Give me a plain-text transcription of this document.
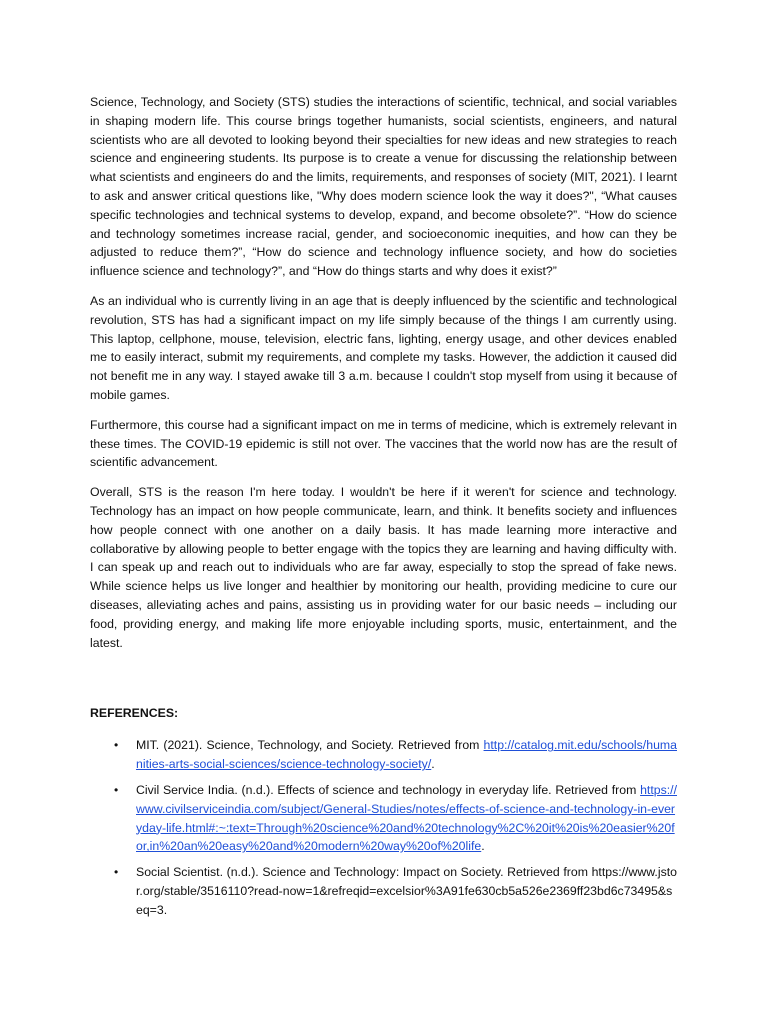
Science, Technology, and Society (STS) studies the interactions of scientific, technical, and social variables in shaping modern life. This course brings together humanists, social scientists, engineers, and natural scientists who are all devoted to looking beyond their specialties for new ideas and new strategies to reach science and engineering students. Its purpose is to create a venue for discussing the relationship between what scientists and engineers do and the limits, requirements, and responses of society (MIT, 2021). I learnt to ask and answer critical questions like, "Why does modern science look the way it does?", “What causes specific technologies and technical systems to develop, expand, and become obsolete?”. “How do science and technology sometimes increase racial, gender, and socioeconomic inequities, and how can they be adjusted to reduce them?”, “How do science and technology influence society, and how do societies influence science and technology?”, and “How do things starts and why does it exist?”

As an individual who is currently living in an age that is deeply influenced by the scientific and technological revolution, STS has had a significant impact on my life simply because of the things I am currently using. This laptop, cellphone, mouse, television, electric fans, lighting, energy usage, and other devices enabled me to easily interact, submit my requirements, and complete my tasks. However, the addiction it caused did not benefit me in any way. I stayed awake till 3 a.m. because I couldn't stop myself from using it because of mobile games.

Furthermore, this course had a significant impact on me in terms of medicine, which is extremely relevant in these times. The COVID-19 epidemic is still not over. The vaccines that the world now has are the result of scientific advancement.

Overall, STS is the reason I'm here today. I wouldn't be here if it weren't for science and technology. Technology has an impact on how people communicate, learn, and think. It benefits society and influences how people connect with one another on a daily basis. It has made learning more interactive and collaborative by allowing people to better engage with the topics they are learning and having difficulty with. I can speak up and reach out to individuals who are far away, especially to stop the spread of fake news. While science helps us live longer and healthier by monitoring our health, providing medicine to cure our diseases, alleviating aches and pains, assisting us in providing water for our basic needs – including our food, providing energy, and making life more enjoyable including sports, music, entertainment, and the latest.

REFERENCES:
• MIT. (2021). Science, Technology, and Society. Retrieved from http://catalog.mit.edu/schools/humanities-arts-social-sciences/science-technology-society/.
• Civil Service India. (n.d.). Effects of science and technology in everyday life. Retrieved from https://www.civilserviceindia.com/subject/General-Studies/notes/effects-of-science-and-technology-in-everyday-life.html#:~:text=Through%20science%20and%20technology%2C%20it%20is%20easier%20for,in%20an%20easy%20and%20modern%20way%20of%20life.
• Social Scientist. (n.d.). Science and Technology: Impact on Society. Retrieved from https://www.jstor.org/stable/3516110?read-now=1&refreqid=excelsior%3A91fe630cb5a526e2369ff23bd6c73495&seq=3.
